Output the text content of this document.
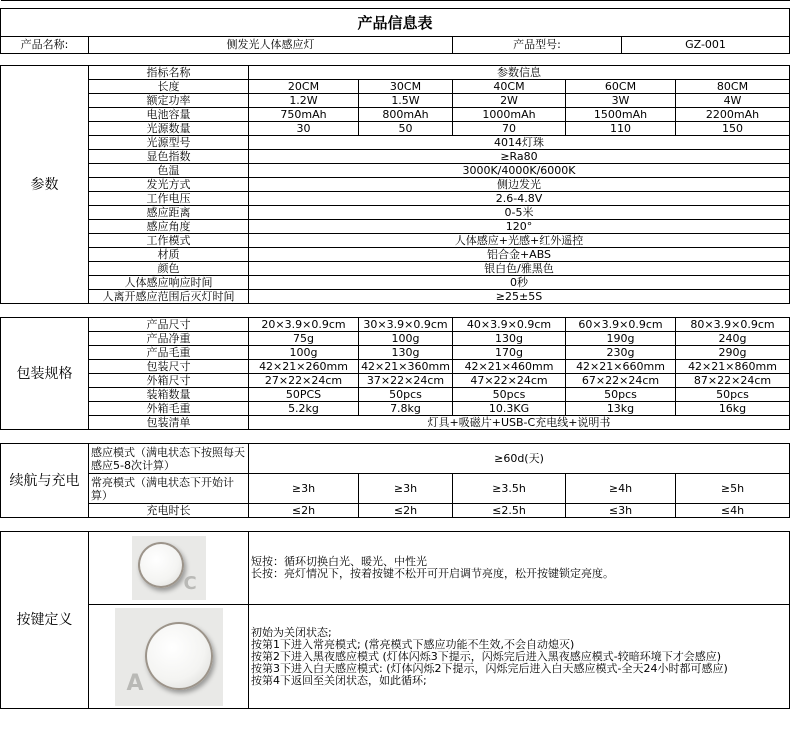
产品信息表							
产品名称:	侧发光人体感应灯			产品型号:		GZ-001	

参数	指标名称	参数信息					
	长度	20CM	30CM	40CM	60CM		80CM
	额定功率	1.2W	1.5W	2W	3W		4W
	电池容量	750mAh	800mAh	1000mAh	1500mAh		2200mAh
	光源数量	30	50	70	110		150
	光源型号	4014灯珠					
	显色指数	≥Ra80					
	色温	3000K/4000K/6000K					
	发光方式	侧边发光					
	工作电压	2.6-4.8V					
	感应距离	0-5米					
	感应角度	120°					
	工作模式	人体感应+光感+红外遥控					
	材质	铝合金+ABS					
	颜色	银白色/雅黑色					
	人体感应响应时间	0秒					
	人离开感应范围后灭灯时间	≥25±5S					

包装规格	产品尺寸	20×3.9×0.9cm	30×3.9×0.9cm	40×3.9×0.9cm	60×3.9×0.9cm		80×3.9×0.9cm
	产品净重	75g	100g	130g	190g		240g
	产品毛重	100g	130g	170g	230g		290g
	包装尺寸	42×21×260mm	42×21×360mm	42×21×460mm	42×21×660mm		42×21×860mm
	外箱尺寸	27×22×24cm	37×22×24cm	47×22×24cm	67×22×24cm		87×22×24cm
	装箱数量	50PCS	50pcs	50pcs	50pcs		50pcs
	外箱毛重	5.2kg	7.8kg	10.3KG	13kg		16kg
	包装清单	灯具+吸磁片+USB-C充电线+说明书					

续航与充电	感应模式（满电状态下按照每天感应5-8次计算）	≥60d(天)					
	常亮模式（满电状态下开始计算）	≥3h	≥3h	≥3.5h	≥4h		≥5h
	充电时长	≤2h	≤2h	≤2.5h	≤3h		≤4h

按键定义	C	短按：循环切换白光、暖光、中性光
长按：亮灯情况下，按着按键不松开可开启调节亮度，松开按键锁定亮度。					

	A	初始为关闭状态;
按第1下进入常亮模式; (常亮模式下感应功能不生效,不会自动熄灭)
按第2下进入黑夜感应模式 (灯体闪烁3下提示，闪烁完后进入黑夜感应模式-较暗环境下才会感应)
按第3下进入白天感应模式: (灯体闪烁2下提示，闪烁完后进入白天感应模式-全天24小时都可感应)
按第4下返回至关闭状态，如此循环;					
